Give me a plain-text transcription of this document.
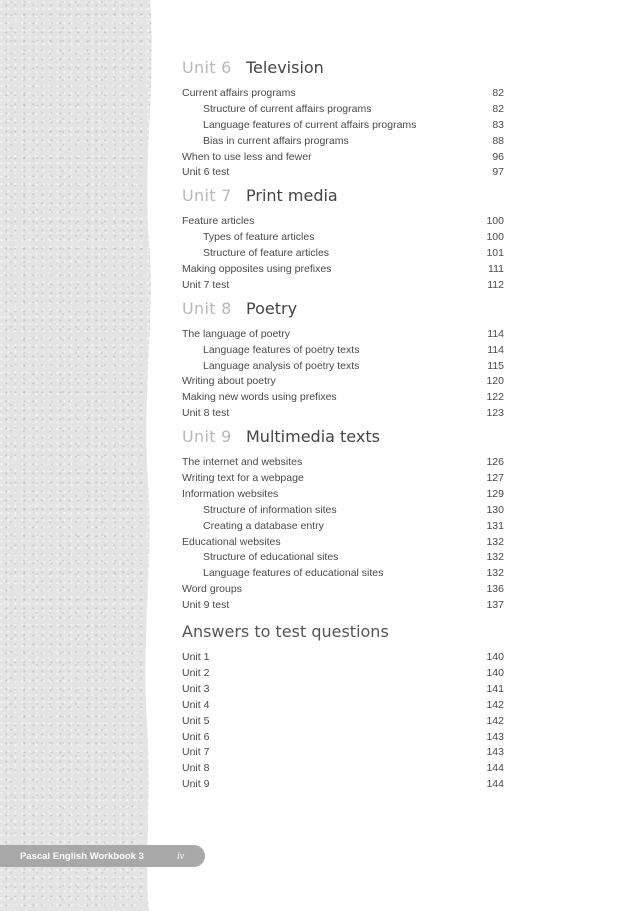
Unit 6 Television
Current affairs programs	82
Structure of current affairs programs	82
Language features of current affairs programs	83
Bias in current affairs programs	88
When to use less and fewer	96
Unit 6 test	97
Unit 7 Print media
Feature articles	100
Types of feature articles	100
Structure of feature articles	101
Making opposites using prefixes	111
Unit 7 test	112
Unit 8 Poetry
The language of poetry	114
Language features of poetry texts	114
Language analysis of poetry texts	115
Writing about poetry	120
Making new words using prefixes	122
Unit 8 test	123
Unit 9 Multimedia texts
The internet and websites	126
Writing text for a webpage	127
Information websites	129
Structure of information sites	130
Creating a database entry	131
Educational websites	132
Structure of educational sites	132
Language features of educational sites	132
Word groups	136
Unit 9 test	137
Answers to test questions
Unit 1	140
Unit 2	140
Unit 3	141
Unit 4	142
Unit 5	142
Unit 6	143
Unit 7	143
Unit 8	144
Unit 9	144
Pascal English Workbook 3	iv
